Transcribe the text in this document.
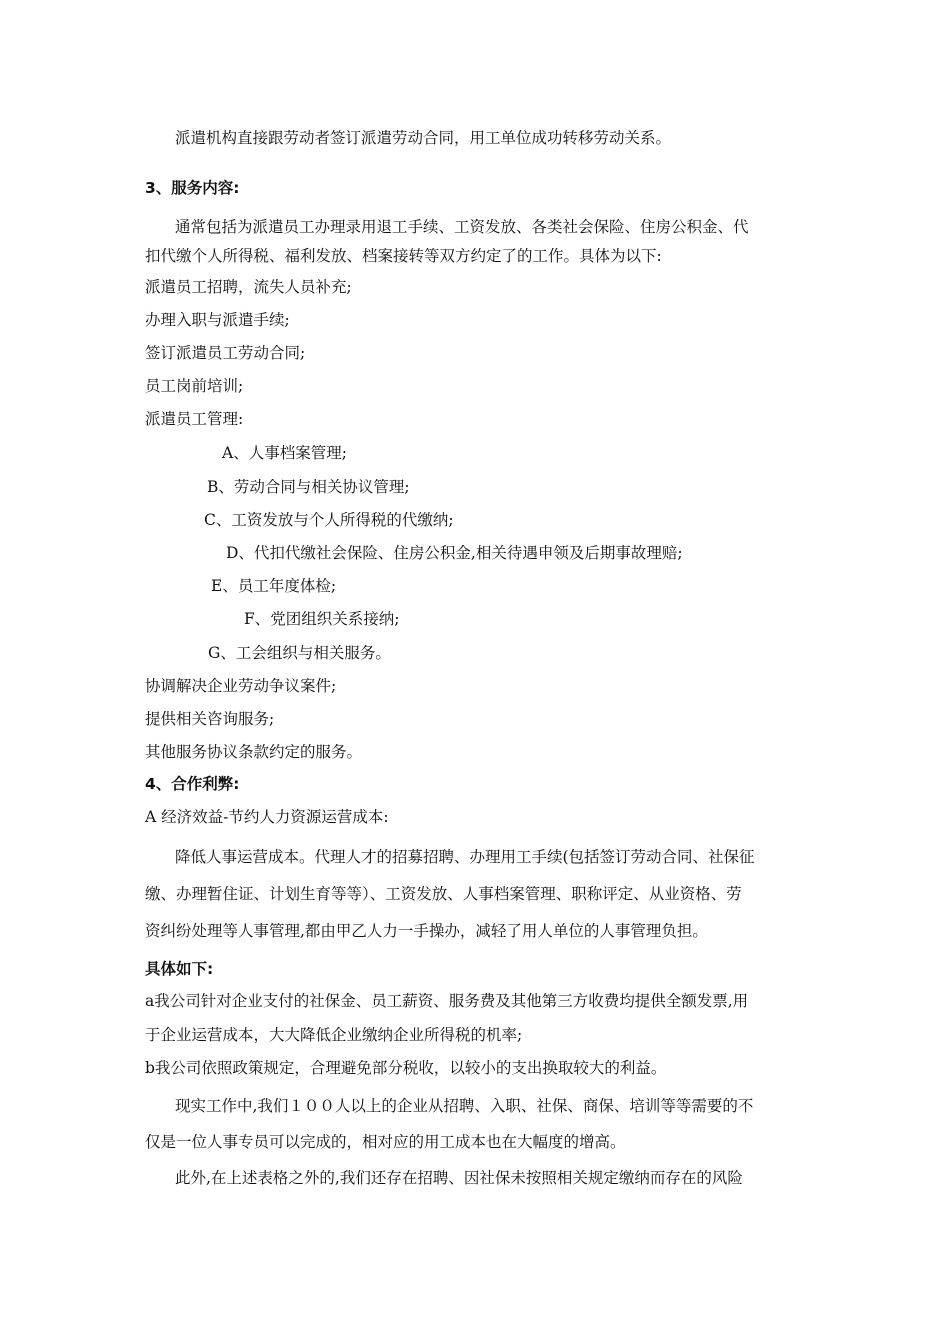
派遣机构直接跟劳动者签订派遣劳动合同，用工单位成功转移劳动关系。
3、服务内容:
通常包括为派遣员工办理录用退工手续、工资发放、各类社会保险、住房公积金、代
扣代缴个人所得税、福利发放、档案接转等双方约定了的工作。具体为以下:
派遣员工招聘，流失人员补充;
办理入职与派遣手续;
签订派遣员工劳动合同;
员工岗前培训;
派遣员工管理:
A、人事档案管理;
B、劳动合同与相关协议管理;
C、工资发放与个人所得税的代缴纳;
D、代扣代缴社会保险、住房公积金,相关待遇申领及后期事故理赔;
E、员工年度体检;
F、党团组织关系接纳;
G、工会组织与相关服务。
协调解决企业劳动争议案件;
提供相关咨询服务;
其他服务协议条款约定的服务。
4、合作利弊:
A 经济效益-节约人力资源运营成本:
降低人事运营成本。代理人才的招募招聘、办理用工手续(包括签订劳动合同、社保征
缴、办理暂住证、计划生育等等）、工资发放、人事档案管理、职称评定、从业资格、劳
资纠纷处理等人事管理,都由甲乙人力一手操办，减轻了用人单位的人事管理负担。
具体如下:
a我公司针对企业支付的社保金、员工薪资、服务费及其他第三方收费均提供全额发票,用
于企业运营成本，大大降低企业缴纳企业所得税的机率;
b我公司依照政策规定，合理避免部分税收，以较小的支出换取较大的利益。
现实工作中,我们１００人以上的企业从招聘、入职、社保、商保、培训等等需要的不
仅是一位人事专员可以完成的，相对应的用工成本也在大幅度的增高。
此外,在上述表格之外的,我们还存在招聘、因社保未按照相关规定缴纳而存在的风险
